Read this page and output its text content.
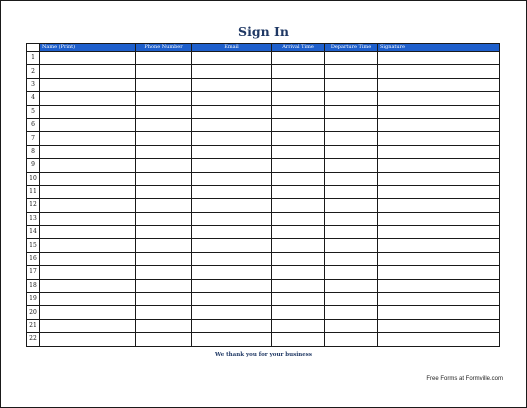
Sign In
	Name (Print)	Phone Number	Email	Arrival Time	Departure Time	Signature
1						
2						
3						
4						
5						
6						
7						
8						
9						
10						
11						
12						
13						
14						
15						
16						
17						
18						
19						
20						
21						
22						
We thank you for your business
Free Forms at Formville.com
